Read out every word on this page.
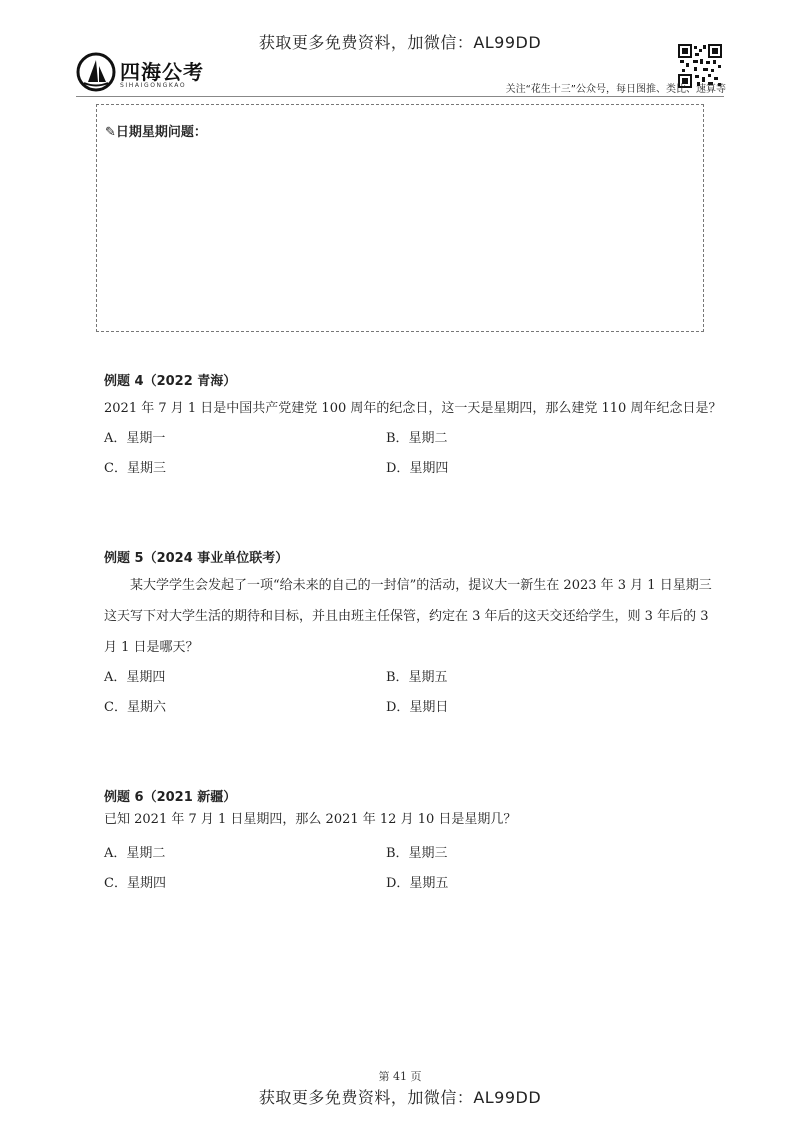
获取更多免费资料，加微信：AL99DD
四海公考
SIHAIGONGKAO	关注“花生十三”公众号，每日图推、类比、速算等
✎日期星期问题：
例题 4（2022 青海）
2021 年 7 月 1 日是中国共产党建党 100 周年的纪念日，这一天是星期四，那么建党 110 周年纪念日是？
A．星期一	B．星期二
C．星期三	D．星期四
例题 5（2024 事业单位联考）
某大学学生会发起了一项“给未来的自己的一封信”的活动，提议大一新生在 2023 年 3 月 1 日星期三这天写下对大学生活的期待和目标，并且由班主任保管，约定在 3 年后的这天交还给学生，则 3 年后的 3 月 1 日是哪天？
A．星期四	B．星期五
C．星期六	D．星期日
例题 6（2021 新疆）
已知 2021 年 7 月 1 日星期四，那么 2021 年 12 月 10 日是星期几？
A．星期二	B．星期三
C．星期四	D．星期五
第 41 页
获取更多免费资料，加微信：AL99DD
